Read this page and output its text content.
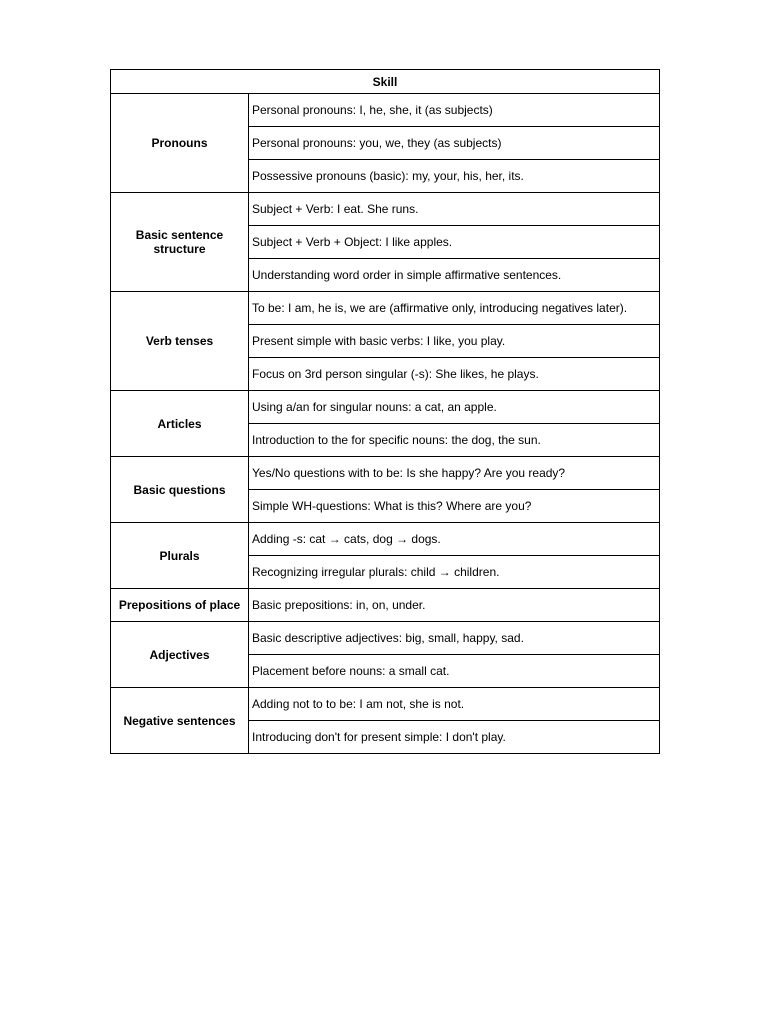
Skill	
Pronouns	Personal pronouns: I, he, she, it (as subjects)
	Personal pronouns: you, we, they (as subjects)
	Possessive pronouns (basic): my, your, his, her, its.
Basic sentence structure	Subject + Verb: I eat. She runs.
	Subject + Verb + Object: I like apples.
	Understanding word order in simple affirmative sentences.
Verb tenses	To be: I am, he is, we are (affirmative only, introducing negatives later).
	Present simple with basic verbs: I like, you play.
	Focus on 3rd person singular (-s): She likes, he plays.
Articles	Using a/an for singular nouns: a cat, an apple.
	Introduction to the for specific nouns: the dog, the sun.
Basic questions	Yes/No questions with to be: Is she happy? Are you ready?
	Simple WH-questions: What is this? Where are you?
Plurals	Adding -s: cat → cats, dog → dogs.
	Recognizing irregular plurals: child → children.
Prepositions of place	Basic prepositions: in, on, under.
Adjectives	Basic descriptive adjectives: big, small, happy, sad.
	Placement before nouns: a small cat.
Negative sentences	Adding not to to be: I am not, she is not.
	Introducing don't for present simple: I don't play.
